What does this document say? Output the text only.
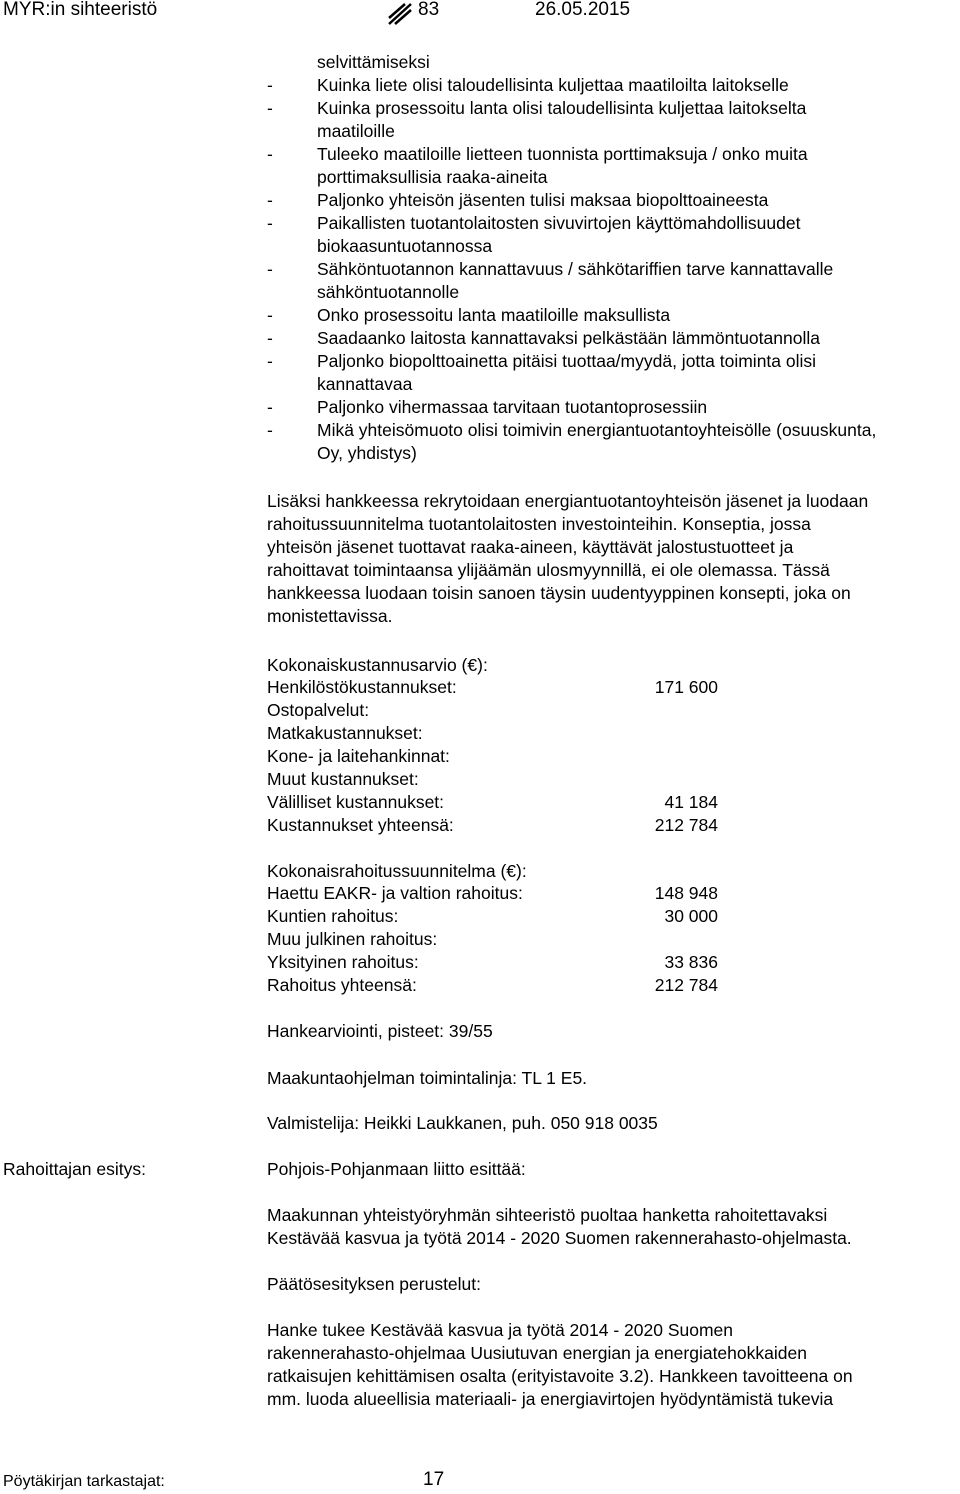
MYR:in sihteeristö	83	26.05.2015
selvittämiseksi
-	Kuinka liete olisi taloudellisinta kuljettaa maatiloilta laitokselle
-	Kuinka prosessoitu lanta olisi taloudellisinta kuljettaa laitokselta
maatiloille
-	Tuleeko maatiloille lietteen tuonnista porttimaksuja / onko muita
porttimaksullisia raaka-aineita
-	Paljonko yhteisön jäsenten tulisi maksaa biopolttoaineesta
-	Paikallisten tuotantolaitosten sivuvirtojen käyttömahdollisuudet
biokaasuntuotannossa
-	Sähköntuotannon kannattavuus / sähkötariffien tarve kannattavalle
sähköntuotannolle
-	Onko prosessoitu lanta maatiloille maksullista
-	Saadaanko laitosta kannattavaksi pelkästään lämmöntuotannolla
-	Paljonko biopolttoainetta pitäisi tuottaa/myydä, jotta toiminta olisi
kannattavaa
-	Paljonko vihermassaa tarvitaan tuotantoprosessiin
-	Mikä yhteisömuoto olisi toimivin energiantuotantoyhteisölle (osuuskunta,
Oy, yhdistys)
Lisäksi hankkeessa rekrytoidaan energiantuotantoyhteisön jäsenet ja luodaan
rahoitussuunnitelma tuotantolaitosten investointeihin. Konseptia, jossa
yhteisön jäsenet tuottavat raaka-aineen, käyttävät jalostustuotteet ja
rahoittavat toimintaansa ylijäämän ulosmyynnillä, ei ole olemassa. Tässä
hankkeessa luodaan toisin sanoen täysin uudentyyppinen konsepti, joka on
monistettavissa.
Kokonaiskustannusarvio (€):
Henkilöstökustannukset:	171 600
Ostopalvelut:
Matkakustannukset:
Kone- ja laitehankinnat:
Muut kustannukset:
Välilliset kustannukset:	41 184
Kustannukset yhteensä:	212 784
Kokonaisrahoitussuunnitelma (€):
Haettu EAKR- ja valtion rahoitus:	148 948
Kuntien rahoitus:	30 000
Muu julkinen rahoitus:
Yksityinen rahoitus:	33 836
Rahoitus yhteensä:	212 784
Hankearviointi, pisteet: 39/55
Maakuntaohjelman toimintalinja: TL 1 E5.
Valmistelija: Heikki Laukkanen, puh. 050 918 0035
Rahoittajan esitys:	Pohjois-Pohjanmaan liitto esittää:
Maakunnan yhteistyöryhmän sihteeristö puoltaa hanketta rahoitettavaksi
Kestävää kasvua ja työtä 2014 - 2020 Suomen rakennerahasto-ohjelmasta.
Päätösesityksen perustelut:
Hanke tukee Kestävää kasvua ja työtä 2014 - 2020 Suomen
rakennerahasto-ohjelmaa Uusiutuvan energian ja energiatehokkaiden
ratkaisujen kehittämisen osalta (erityistavoite 3.2). Hankkeen tavoitteena on
mm. luoda alueellisia materiaali- ja energiavirtojen hyödyntämistä tukevia
Pöytäkirjan tarkastajat:	17
